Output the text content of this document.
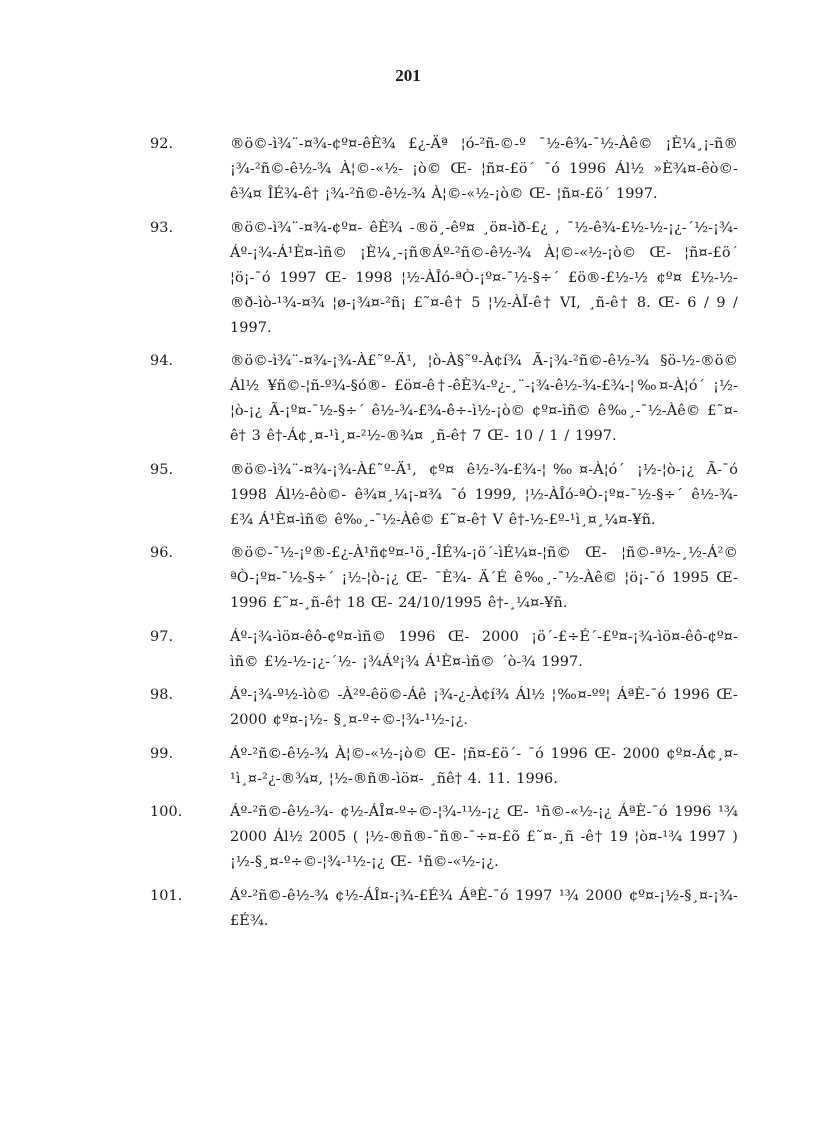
201
92.	®ö©-ì¾¨-¤¾-¢º¤-êÈ¾ £¿-Äª ¦ó-²ñ-©-º ¯½-ê¾-¯½-Àê© ¡È¼¸¡-ñ® ¡¾-²ñ©-ê½-¾ À¦©-«½- ¡ò© Œ- ¦ñ¤-£ö´ ¯ó 1996 Ál½ »È¾¤-êò©-ê¾¤ ÎÉ¾-ê† ¡¾-²ñ©-ê½-¾ À¦©-«½-¡ò© Œ- ¦ñ¤-£ö´ 1997.
93.	®ö©-ì¾¨-¤¾-¢º¤- êÈ¾ -®ö¸-êº¤ ¸ö¤-ìð-£¿ , ¯½-ê¾-£½-½-¡¿-´½-¡¾-Áº-¡¾-Á¹È¤-ìñ© ¡È¼¸-¡ñ®Áº-²ñ©-ê½-¾ À¦©-«½-¡ò© Œ- ¦ñ¤-£ö´ ¦ö¡-¯ó 1997 Œ- 1998 ¦½-ÀÎó-ªÒ-¡º¤-¯½-§÷´ £ö®-£½-½ ¢º¤ £½-½-®ð-ìò-¹¾-¤¾ ¦ø-¡¾¤-²ñ¡ £˜¤-ê† 5 ¦½-ÀÏ-ê† VI, ¸ñ-ê† 8. Œ- 6 / 9 / 1997.
94.	®ö©-ì¾¨-¤¾-¡¾-À£˜º-Ä¹, ¦ò-À§˜º-À¢í¾ Ã-¡¾-²ñ©-ê½-¾ §ö-½-®ö© Ál½ ¥ñ©-¦ñ-º¾-§ó®- £ö¤-ê†-êÈ¾-º¿-¸¨-¡¾-ê½-¾-£¾-¦‰¤-À¦ó´ ¡½-¦ò-¡¿ Ã-¡º¤-¯½-§÷´ ê½-¾-£¾-ê÷-ì½-¡ò© ¢º¤-ìñ© ê‰¸-¯½-Àê© £˜¤-ê† 3 ê†-Á¢¸¤-¹ì¸¤-²½-®¾¤ ¸ñ-ê† 7 Œ- 10 / 1 / 1997.
95.	®ö©-ì¾¨-¤¾-¡¾-À£˜º-Ä¹, ¢º¤ ê½-¾-£¾-¦‰¤-À¦ó´ ¡½-¦ò-¡¿ Ã-¯ó 1998 Ál½-êò©- ê¾¤¸¼¡-¤¾ ¯ó 1999, ¦½-ÀÎó-ªÒ-¡º¤-¯½-§÷´ ê½-¾-£¾ Á¹È¤-ìñ© ê‰¸-¯½-Àê© £˜¤-ê† V ê†-½-£º-¹ì¸¤¸¼¤-¥ñ.
96.	®ö©-¯½-¡º®-£¿-À¹ñ¢º¤-¹ö¸-ÎÉ¾-¡ö´-ìÉ¼¤-¦ñ© Œ- ¦ñ©-ª½-¸½-Á²© ªÒ-¡º¤-¯½-§÷´ ¡½-¦ò-¡¿ Œ- ¯È¾- Ä´É ê‰¸-¯½-Àê© ¦ö¡-¯ó 1995 Œ- 1996 £˜¤-¸ñ-ê† 18 Œ- 24/10/1995 ê†-¸¼¤-¥ñ.
97.	Áº-¡¾-ìö¤-êô-¢º¤-ìñ© 1996 Œ- 2000 ¡ö´-£÷É´-£º¤-¡¾-ìö¤-êô-¢º¤-ìñ© £½-½-¡¿-´½- ¡¾Áº¡¾ Á¹È¤-ìñ© ´ò-¾ 1997.
98.	Áº-¡¾-º½-ìò© -À²º-êö©-Áê ¡¾-¿-À¢í¾ Ál½ ¦‰¤-ºº¦ ÁªÈ-¯ó 1996 Œ- 2000 ¢º¤-¡½- §¸¤-º÷©-¦¾-¹½-¡¿.
99.	Áº-²ñ©-ê½-¾ À¦©-«½-¡ò© Œ- ¦ñ¤-£ö´- ¯ó 1996 Œ- 2000 ¢º¤-Á¢¸¤-¹ì¸¤-²¿-®¾¤, ¦½-®ñ®-ìö¤- ¸ñê† 4. 11. 1996.
100.	Áº-²ñ©-ê½-¾- ¢½-ÁÎ¤-º÷©-¦¾-¹½-¡¿ Œ- ¹ñ©-«½-¡¿ ÁªÈ-¯ó 1996 ¹¾ 2000 Ál½ 2005 ( ¦½-®ñ®-¯ñ®-¯÷¤-£õ £˜¤-¸ñ -ê† 19 ¦ò¤-¹¾ 1997 ) ¡½-§¸¤-º÷©-¦¾-¹½-¡¿ Œ- ¹ñ©-«½-¡¿.
101.	Áº-²ñ©-ê½-¾ ¢½-ÁÎ¤-¡¾-£É¾ ÁªÈ-¯ó 1997 ¹¾ 2000 ¢º¤-¡½-§¸¤-¡¾-£É¾.
